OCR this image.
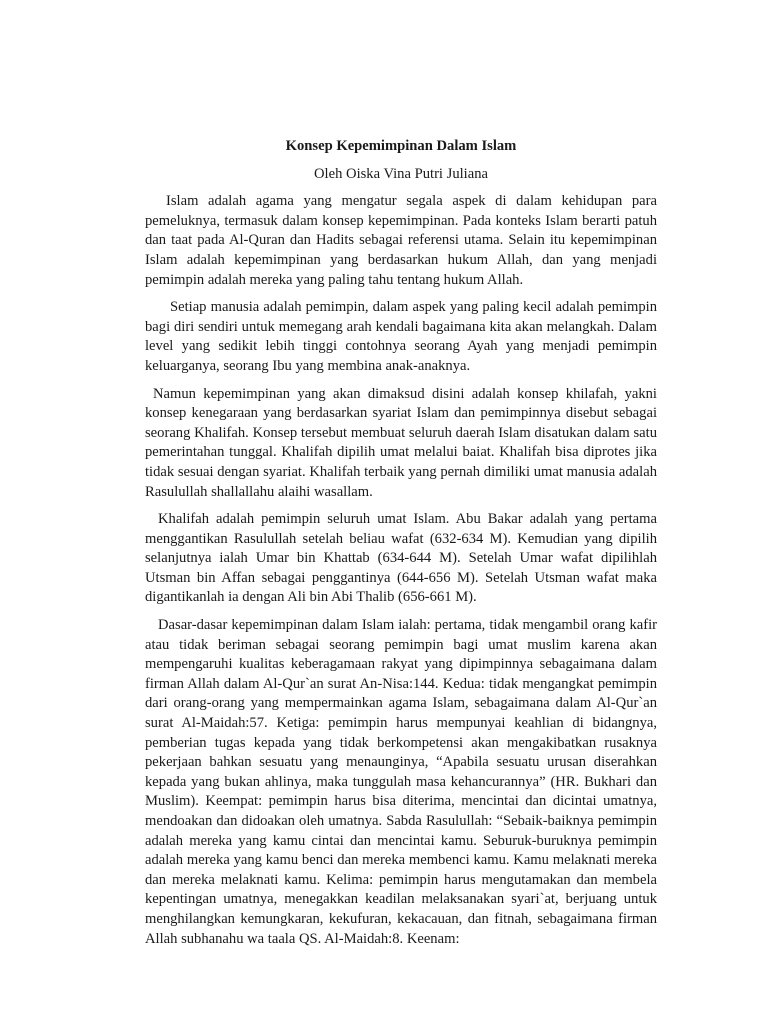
Konsep Kepemimpinan Dalam Islam

Oleh Oiska Vina Putri Juliana

Islam adalah agama yang mengatur segala aspek di dalam kehidupan para pemeluknya, termasuk dalam konsep kepemimpinan. Pada konteks Islam berarti patuh dan taat pada Al-Quran dan Hadits sebagai referensi utama. Selain itu kepemimpinan Islam adalah kepemimpinan yang berdasarkan hukum Allah, dan yang menjadi pemimpin adalah mereka yang paling tahu tentang hukum Allah.

Setiap manusia adalah pemimpin, dalam aspek yang paling kecil adalah pemimpin bagi diri sendiri untuk memegang arah kendali bagaimana kita akan melangkah. Dalam level yang sedikit lebih tinggi contohnya seorang Ayah yang menjadi pemimpin keluarganya, seorang Ibu yang membina anak-anaknya.

Namun kepemimpinan yang akan dimaksud disini adalah konsep khilafah, yakni konsep kenegaraan yang berdasarkan syariat Islam dan pemimpinnya disebut sebagai seorang Khalifah. Konsep tersebut membuat seluruh daerah Islam disatukan dalam satu pemerintahan tunggal. Khalifah dipilih umat melalui baiat. Khalifah bisa diprotes jika tidak sesuai dengan syariat. Khalifah terbaik yang pernah dimiliki umat manusia adalah Rasulullah shallallahu alaihi wasallam.

Khalifah adalah pemimpin seluruh umat Islam. Abu Bakar adalah yang pertama menggantikan Rasulullah setelah beliau wafat (632-634 M). Kemudian yang dipilih selanjutnya ialah Umar bin Khattab (634-644 M). Setelah Umar wafat dipilihlah Utsman bin Affan sebagai penggantinya (644-656 M). Setelah Utsman wafat maka digantikanlah ia dengan Ali bin Abi Thalib (656-661 M).

Dasar-dasar kepemimpinan dalam Islam ialah: pertama, tidak mengambil orang kafir atau tidak beriman sebagai seorang pemimpin bagi umat muslim karena akan mempengaruhi kualitas keberagamaan rakyat yang dipimpinnya sebagaimana dalam firman Allah dalam Al-Qur`an surat An-Nisa:144. Kedua: tidak mengangkat pemimpin dari orang-orang yang mempermainkan agama Islam, sebagaimana dalam Al-Qur`an surat Al-Maidah:57. Ketiga: pemimpin harus mempunyai keahlian di bidangnya, pemberian tugas kepada yang tidak berkompetensi akan mengakibatkan rusaknya pekerjaan bahkan sesuatu yang menaunginya, “Apabila sesuatu urusan diserahkan kepada yang bukan ahlinya, maka tunggulah masa kehancurannya” (HR. Bukhari dan Muslim). Keempat: pemimpin harus bisa diterima, mencintai dan dicintai umatnya, mendoakan dan didoakan oleh umatnya. Sabda Rasulullah: “Sebaik-baiknya pemimpin adalah mereka yang kamu cintai dan mencintai kamu. Seburuk-buruknya pemimpin adalah mereka yang kamu benci dan mereka membenci kamu. Kamu melaknati mereka dan mereka melaknati kamu. Kelima: pemimpin harus mengutamakan dan membela kepentingan umatnya, menegakkan keadilan melaksanakan syari`at, berjuang untuk menghilangkan kemungkaran, kekufuran, kekacauan, dan fitnah, sebagaimana firman Allah subhanahu wa taala QS. Al-Maidah:8. Keenam:
